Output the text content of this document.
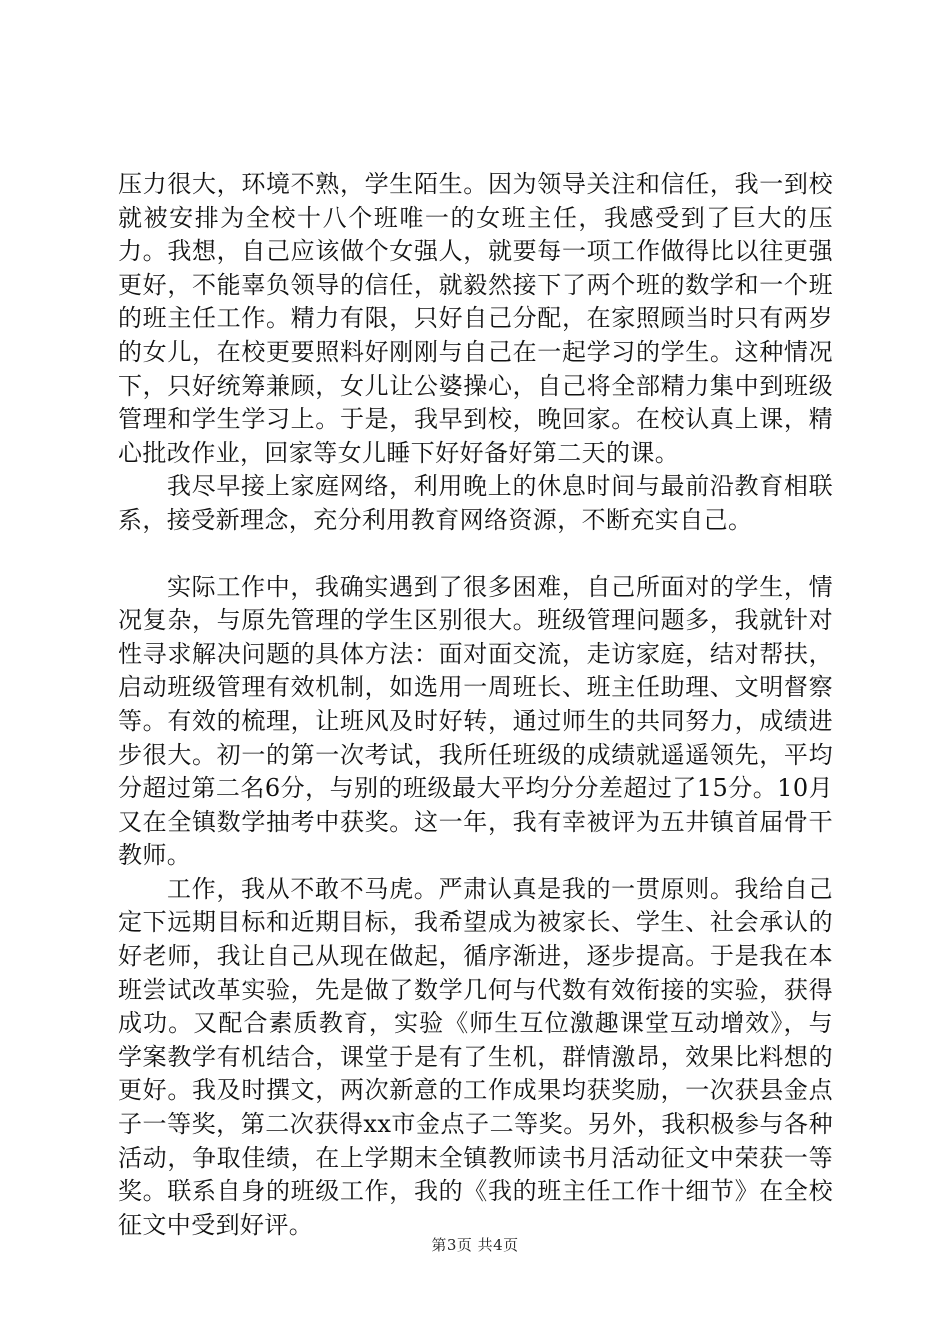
压力很大，环境不熟，学生陌生。因为领导关注和信任，我一到校就被安排为全校十八个班唯一的女班主任，我感受到了巨大的压力。我想，自己应该做个女强人，就要每一项工作做得比以往更强更好，不能辜负领导的信任，就毅然接下了两个班的数学和一个班的班主任工作。精力有限，只好自己分配，在家照顾当时只有两岁的女儿，在校更要照料好刚刚与自己在一起学习的学生。这种情况下，只好统筹兼顾，女儿让公婆操心，自己将全部精力集中到班级管理和学生学习上。于是，我早到校，晚回家。在校认真上课，精心批改作业，回家等女儿睡下好好备好第二天的课。

我尽早接上家庭网络，利用晚上的休息时间与最前沿教育相联系，接受新理念，充分利用教育网络资源，不断充实自己。

实际工作中，我确实遇到了很多困难，自己所面对的学生，情况复杂，与原先管理的学生区别很大。班级管理问题多，我就针对性寻求解决问题的具体方法：面对面交流，走访家庭，结对帮扶，启动班级管理有效机制，如选用一周班长、班主任助理、文明督察等。有效的梳理，让班风及时好转，通过师生的共同努力，成绩进步很大。初一的第一次考试，我所任班级的成绩就遥遥领先，平均分超过第二名6分，与别的班级最大平均分分差超过了15分。10月又在全镇数学抽考中获奖。这一年，我有幸被评为五井镇首届骨干教师。

工作，我从不敢不马虎。严肃认真是我的一贯原则。我给自己定下远期目标和近期目标，我希望成为被家长、学生、社会承认的好老师，我让自己从现在做起，循序渐进，逐步提高。于是我在本班尝试改革实验，先是做了数学几何与代数有效衔接的实验，获得成功。又配合素质教育，实验《师生互位激趣课堂互动增效》，与学案教学有机结合，课堂于是有了生机，群情激昂，效果比料想的更好。我及时撰文，两次新意的工作成果均获奖励，一次获县金点子一等奖，第二次获得xx市金点子二等奖。另外，我积极参与各种活动，争取佳绩，在上学期末全镇教师读书月活动征文中荣获一等奖。联系自身的班级工作，我的《我的班主任工作十细节》在全校征文中受到好评。

第3页 共4页
